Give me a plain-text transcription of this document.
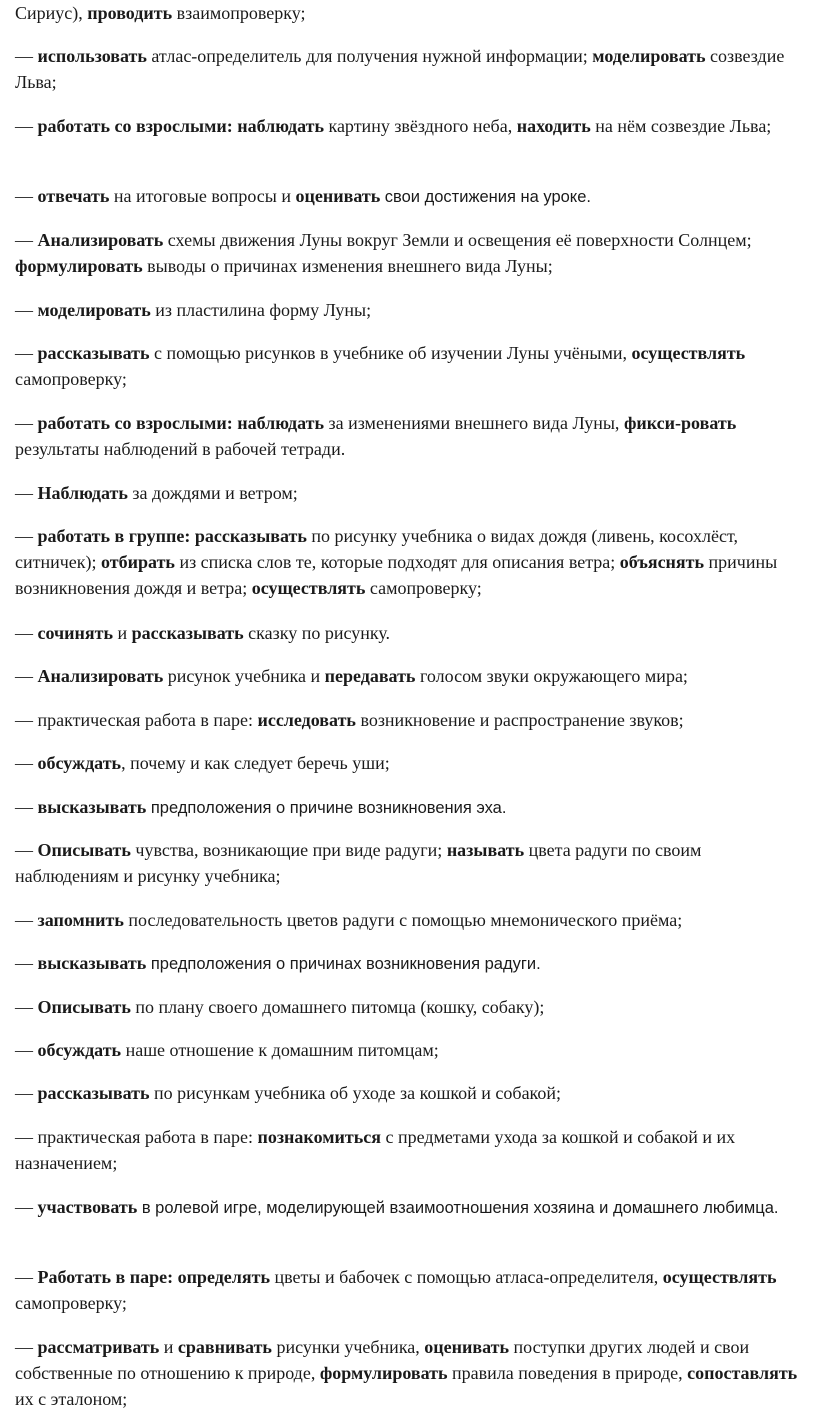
Сириус), проводить взаимопроверку;

— использовать атлас-определитель для получения нужной информации; моделировать созвездие Льва;

— работать со взрослыми: наблюдать картину звёздного неба, находить на нём созвездие Льва;

— отвечать на итоговые вопросы и оценивать свои достижения на уроке.

— Анализировать схемы движения Луны вокруг Земли и освещения её поверхности Солнцем; формулировать выводы о причинах изменения внешнего вида Луны;

— моделировать из пластилина форму Луны;

— рассказывать с помощью рисунков в учебнике об изучении Луны учёными, осуществлять самопроверку;

— работать со взрослыми: наблюдать за изменениями внешнего вида Луны, фикси-ровать результаты наблюдений в рабочей тетради.

— Наблюдать за дождями и ветром;

— работать в группе: рассказывать по рисунку учебника о видах дождя (ливень, косохлёст, ситничек); отбирать из списка слов те, которые подходят для описания ветра; объяснять причины возникновения дождя и ветра; осуществлять самопроверку;

— сочинять и рассказывать сказку по рисунку.

— Анализировать рисунок учебника и передавать голосом звуки окружающего мира;

— практическая работа в паре: исследовать возникновение и распространение звуков;

— обсуждать, почему и как следует беречь уши;

— высказывать предположения о причине возникновения эха.

— Описывать чувства, возникающие при виде радуги; называть цвета радуги по своим наблюдениям и рисунку учебника;

— запомнить последовательность цветов радуги с помощью мнемонического приёма;

— высказывать предположения о причинах возникновения радуги.

— Описывать по плану своего домашнего питомца (кошку, собаку);

— обсуждать наше отношение к домашним питомцам;

— рассказывать по рисункам учебника об уходе за кошкой и собакой;

— практическая работа в паре: познакомиться с предметами ухода за кошкой и собакой и их назначением;

— участвовать в ролевой игре, моделирующей взаимоотношения хозяина и домашнего любимца.

— Работать в паре: определять цветы и бабочек с помощью атласа-определителя, осуществлять самопроверку;

— рассматривать и сравнивать рисунки учебника, оценивать поступки других людей и свои собственные по отношению к природе, формулировать правила поведения в природе, сопоставлять их с эталоном;
